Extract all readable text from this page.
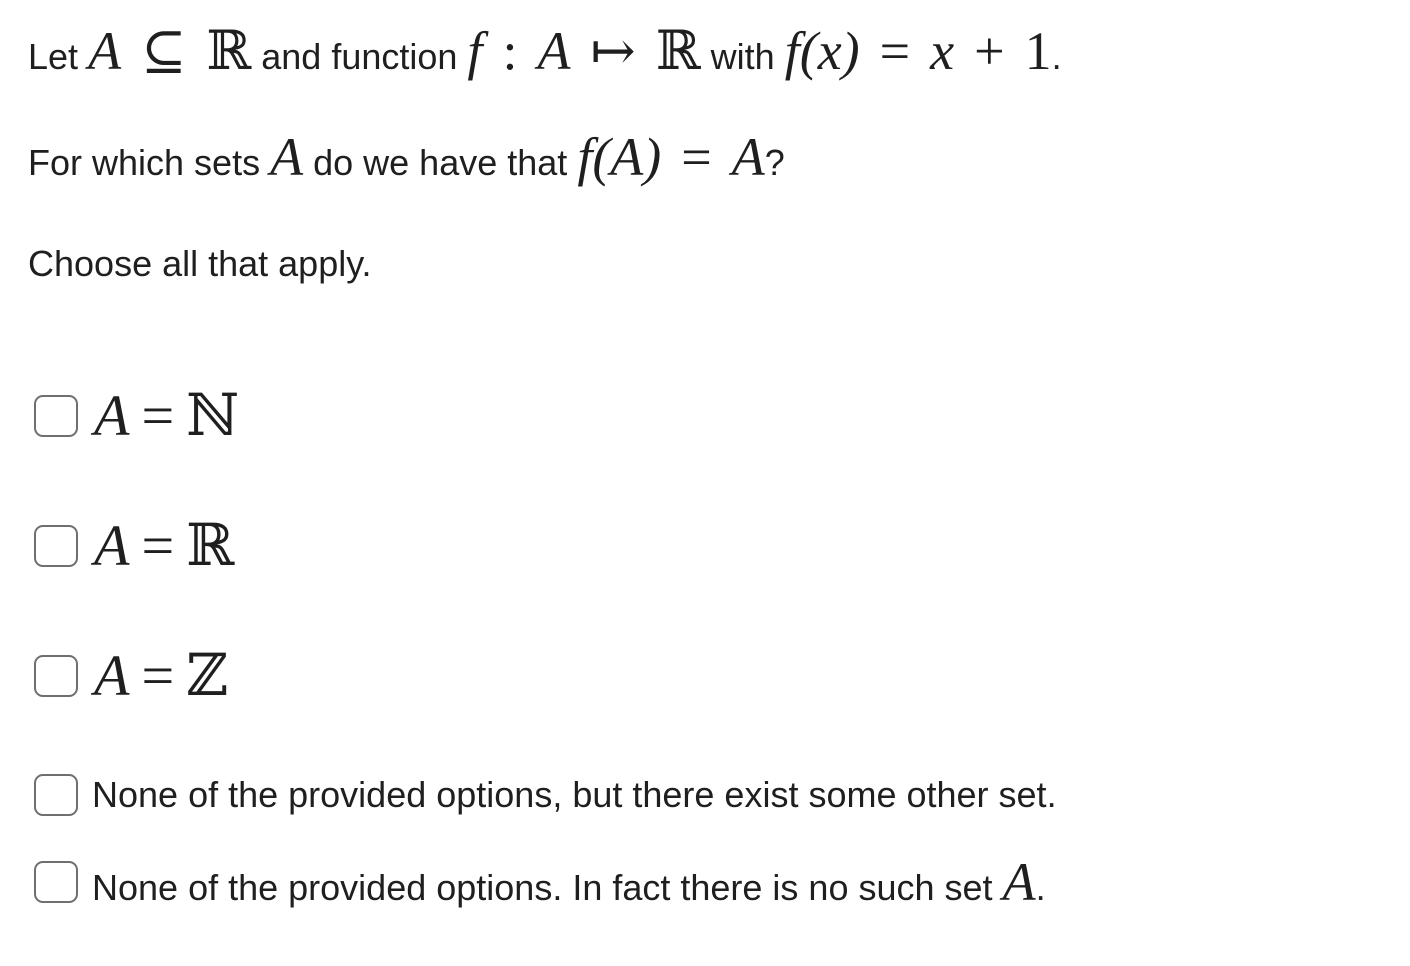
Let A ⊆ ℝ and function f : A ↦ ℝ with f(x) = x + 1.
For which sets A do we have that f(A) = A?
Choose all that apply.
A = ℕ
A = ℝ
A = ℤ
None of the provided options, but there exist some other set.
None of the provided options. In fact there is no such set A.
